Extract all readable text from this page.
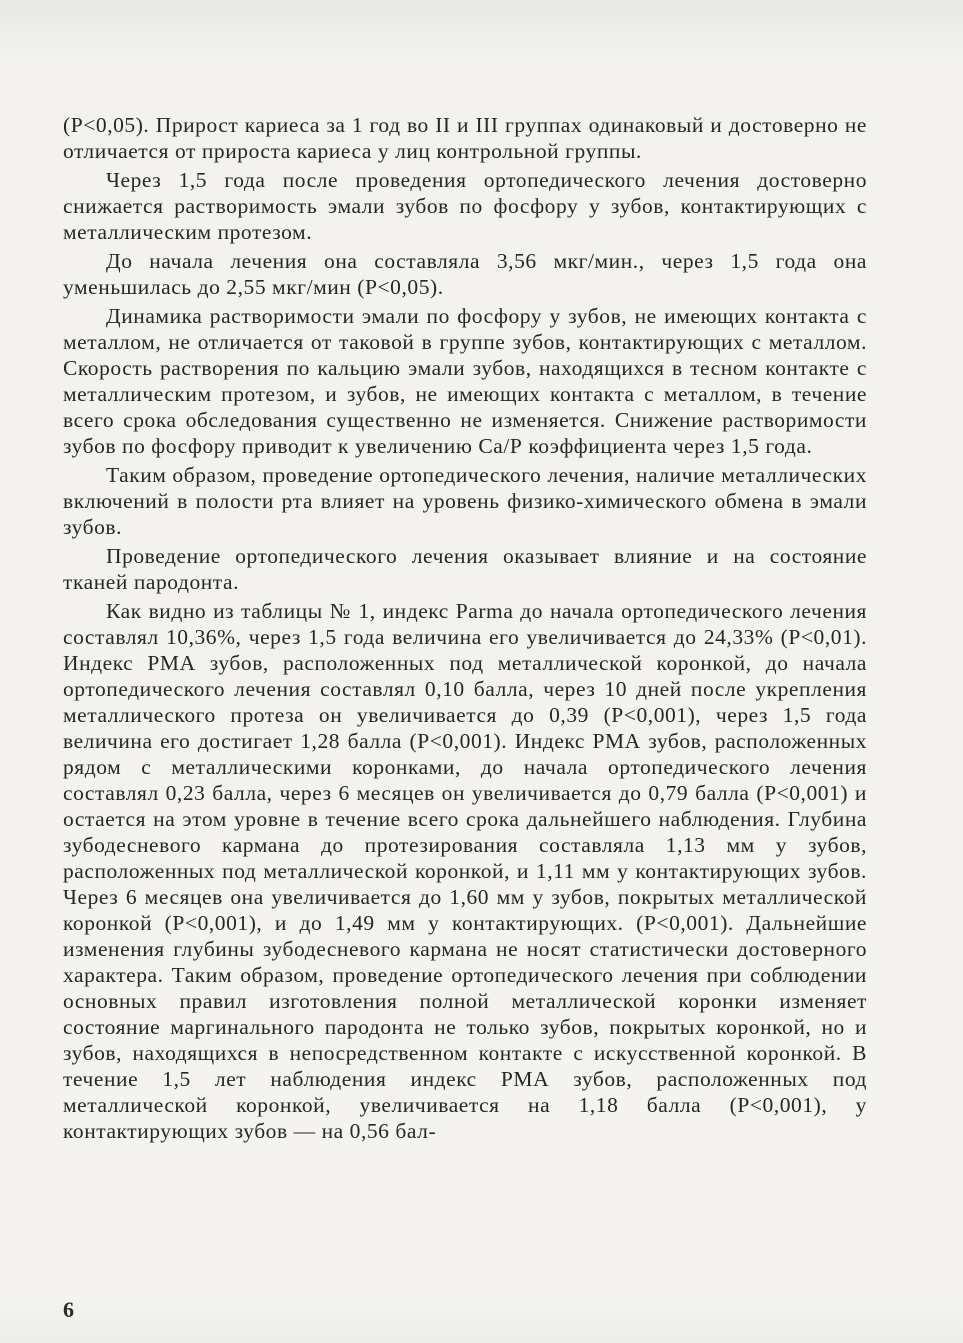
(Р<0,05). Прирост кариеса за 1 год во II и III группах одинаковый и достоверно не отличается от прироста кариеса у лиц контрольной группы.

Через 1,5 года после проведения ортопедического лечения достоверно снижается растворимость эмали зубов по фосфору у зубов, контактирующих с металлическим протезом.

До начала лечения она составляла 3,56 мкг/мин., через 1,5 года она уменьшилась до 2,55 мкг/мин (Р<0,05).

Динамика растворимости эмали по фосфору у зубов, не имеющих контакта с металлом, не отличается от таковой в группе зубов, контактирующих с металлом. Скорость растворения по кальцию эмали зубов, находящихся в тесном контакте с металлическим протезом, и зубов, не имеющих контакта с металлом, в течение всего срока обследования существенно не изменяется. Снижение растворимости зубов по фосфору приводит к увеличению Са/Р коэффициента через 1,5 года.

Таким образом, проведение ортопедического лечения, наличие металлических включений в полости рта влияет на уровень физико-химического обмена в эмали зубов.

Проведение ортопедического лечения оказывает влияние и на состояние тканей пародонта.

Как видно из таблицы № 1, индекс Parma до начала ортопедического лечения составлял 10,36%, через 1,5 года величина его увеличивается до 24,33% (Р<0,01). Индекс РМА зубов, расположенных под металлической коронкой, до начала ортопедического лечения составлял 0,10 балла, через 10 дней после укрепления металлического протеза он увеличивается до 0,39 (Р<0,001), через 1,5 года величина его достигает 1,28 балла (Р<0,001). Индекс РМА зубов, расположенных рядом с металлическими коронками, до начала ортопедического лечения составлял 0,23 балла, через 6 месяцев он увеличивается до 0,79 балла (Р<0,001) и остается на этом уровне в течение всего срока дальнейшего наблюдения. Глубина зубодесневого кармана до протезирования составляла 1,13 мм у зубов, расположенных под металлической коронкой, и 1,11 мм у контактирующих зубов. Через 6 месяцев она увеличивается до 1,60 мм у зубов, покрытых металлической коронкой (Р<0,001), и до 1,49 мм у контактирующих. (Р<0,001). Дальнейшие изменения глубины зубодесневого кармана не носят статистически достоверного характера. Таким образом, проведение ортопедического лечения при соблюдении основных правил изготовления полной металлической коронки изменяет состояние маргинального пародонта не только зубов, покрытых коронкой, но и зубов, находящихся в непосредственном контакте с искусственной коронкой. В течение 1,5 лет наблюдения индекс РМА зубов, расположенных под металлической коронкой, увеличивается на 1,18 балла (Р<0,001), у контактирующих зубов — на 0,56 бал-

6
